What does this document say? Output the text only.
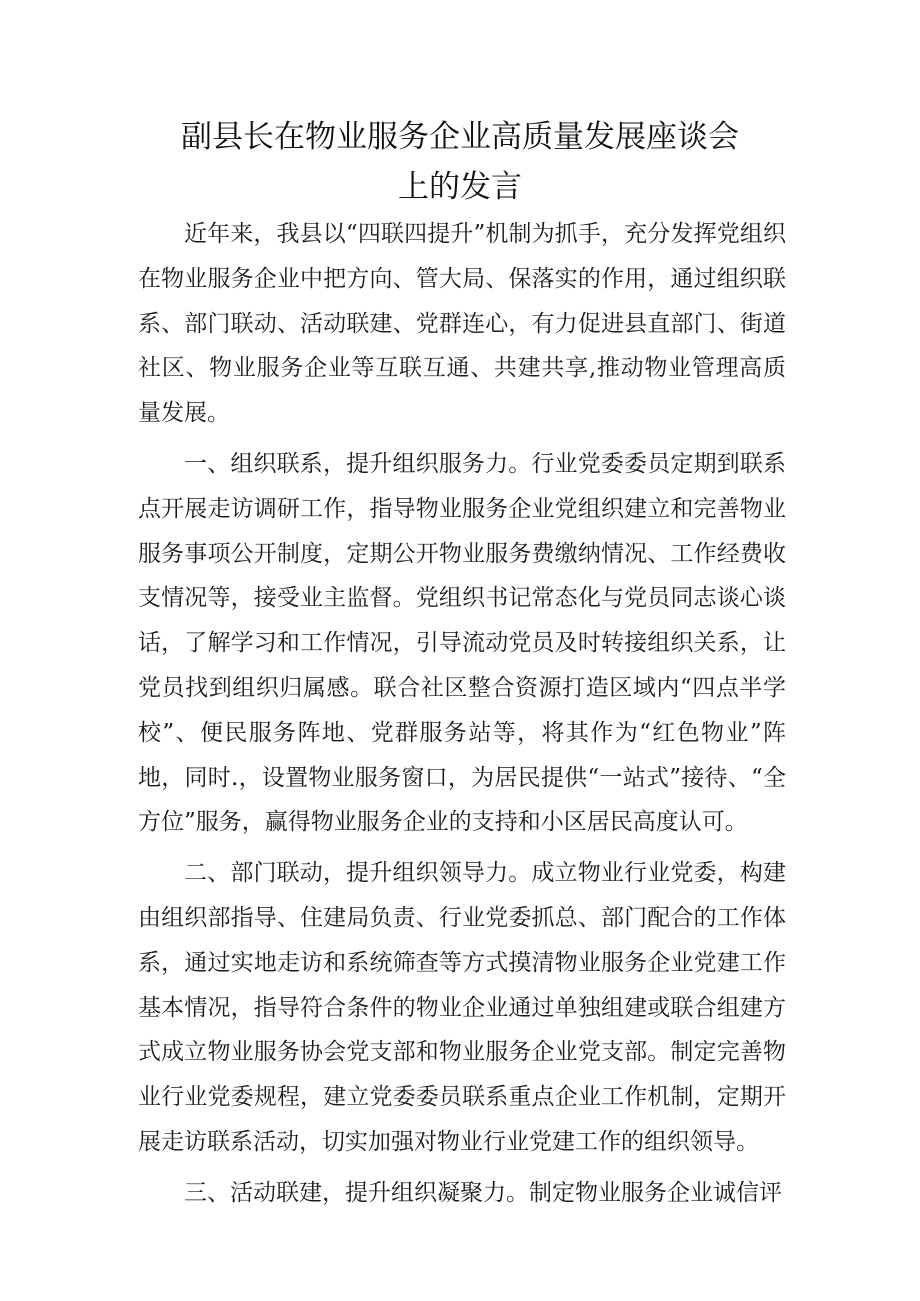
副县长在物业服务企业高质量发展座谈会
上的发言

近年来，我县以“四联四提升”机制为抓手，充分发挥党组织在物业服务企业中把方向、管大局、保落实的作用，通过组织联系、部门联动、活动联建、党群连心，有力促进县直部门、街道社区、物业服务企业等互联互通、共建共享,推动物业管理高质量发展。

一、组织联系，提升组织服务力。行业党委委员定期到联系点开展走访调研工作，指导物业服务企业党组织建立和完善物业服务事项公开制度，定期公开物业服务费缴纳情况、工作经费收支情况等，接受业主监督。党组织书记常态化与党员同志谈心谈话，了解学习和工作情况，引导流动党员及时转接组织关系，让党员找到组织归属感。联合社区整合资源打造区域内“四点半学校”、便民服务阵地、党群服务站等，将其作为“红色物业”阵地，同时.，设置物业服务窗口，为居民提供“一站式”接待、“全方位”服务，赢得物业服务企业的支持和小区居民高度认可。

二、部门联动，提升组织领导力。成立物业行业党委，构建由组织部指导、住建局负责、行业党委抓总、部门配合的工作体系，通过实地走访和系统筛查等方式摸清物业服务企业党建工作基本情况，指导符合条件的物业企业通过单独组建或联合组建方式成立物业服务协会党支部和物业服务企业党支部。制定完善物业行业党委规程，建立党委委员联系重点企业工作机制，定期开展走访联系活动，切实加强对物业行业党建工作的组织领导。

三、活动联建，提升组织凝聚力。制定物业服务企业诚信评
